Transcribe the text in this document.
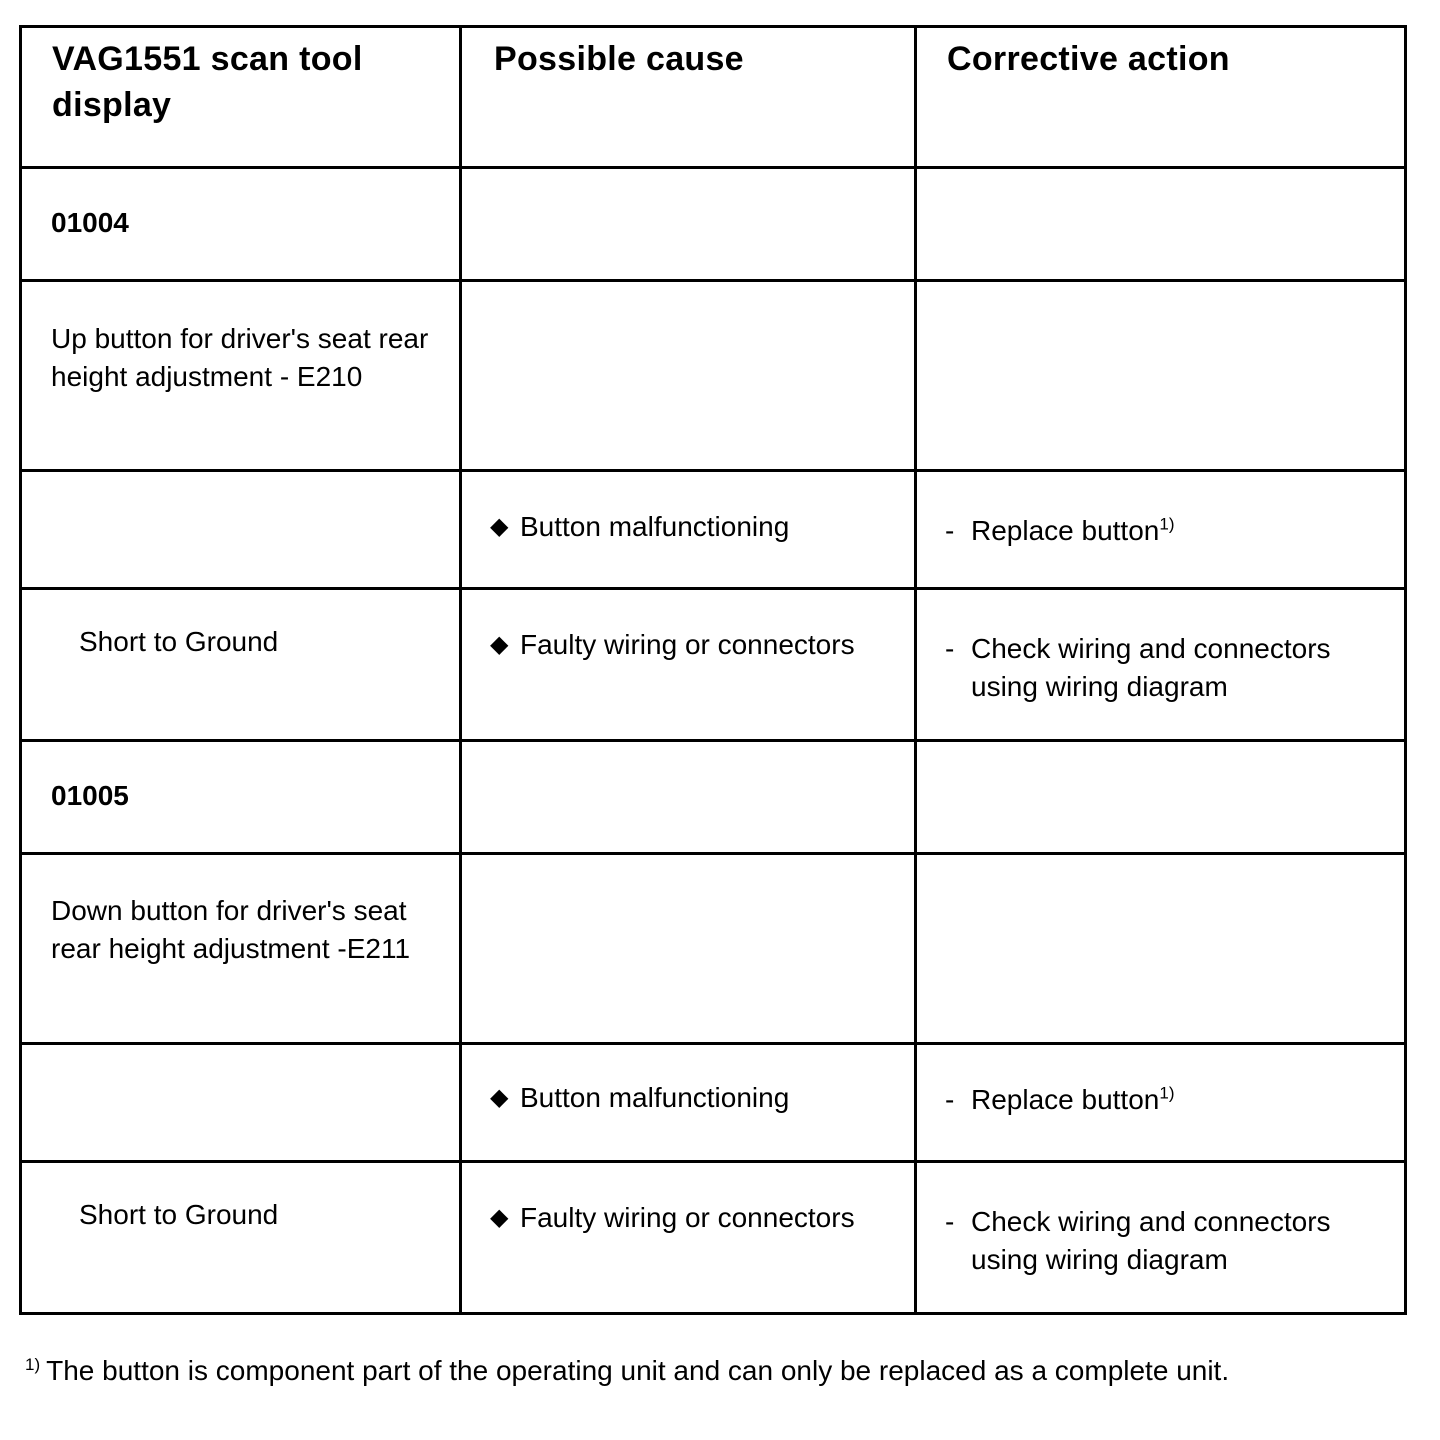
VAG1551 scan tool display	Possible cause	Corrective action

01004		

Up button for driver's seat rear height adjustment - E210		

	◆ Button malfunctioning	- Replace button$^{1)}$

Short to Ground	◆ Faulty wiring or connectors	- Check wiring and connectors using wiring diagram

01005		

Down button for driver's seat rear height adjustment -E211		

	◆ Button malfunctioning	- Replace button$^{1)}$

Short to Ground	◆ Faulty wiring or connectors	- Check wiring and connectors using wiring diagram
$^{1)}$ The button is component part of the operating unit and can only be replaced as a complete unit.
